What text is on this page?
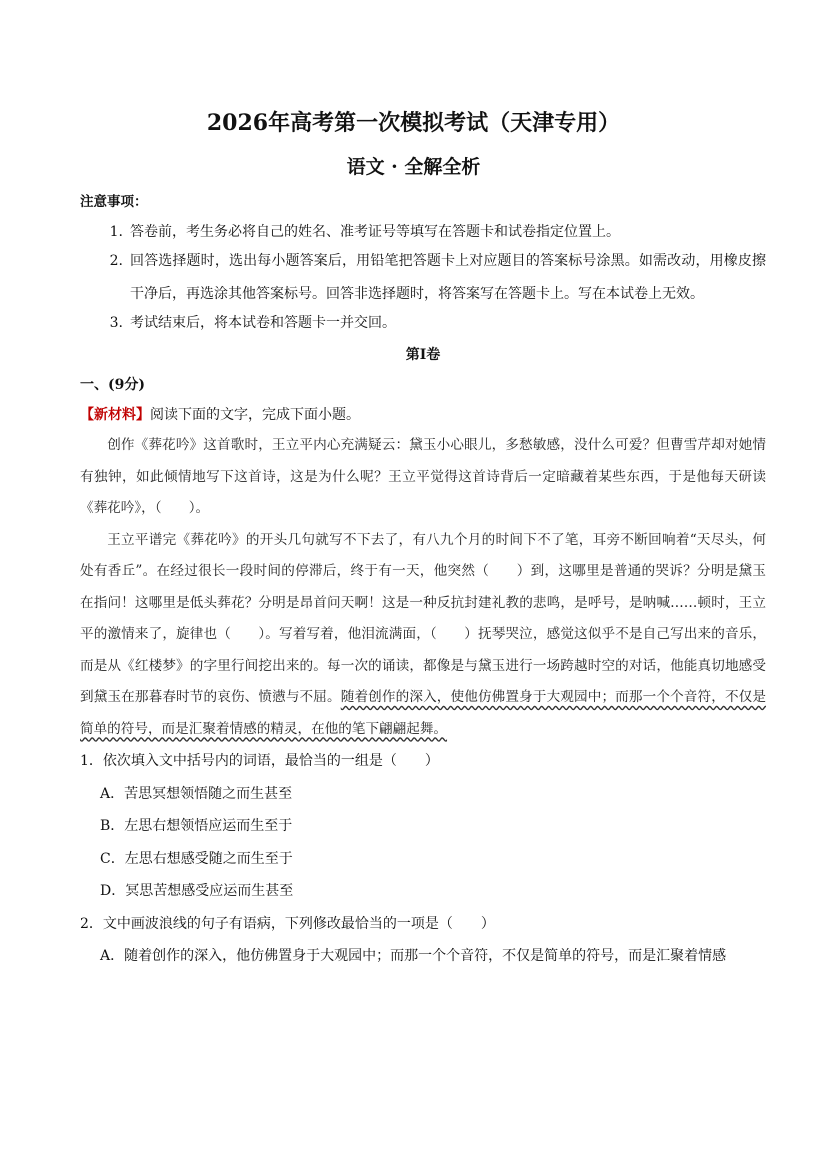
2026年高考第一次模拟考试（天津专用）
语文 · 全解全析
注意事项：
1. 答卷前，考生务必将自己的姓名、准考证号等填写在答题卡和试卷指定位置上。
2. 回答选择题时，选出每小题答案后，用铅笔把答题卡上对应题目的答案标号涂黑。如需改动，用橡皮擦干净后，再选涂其他答案标号。回答非选择题时，将答案写在答题卡上。写在本试卷上无效。
3. 考试结束后，将本试卷和答题卡一并交回。
第Ⅰ卷
一、(9分)
【新材料】阅读下面的文字，完成下面小题。
创作《葬花吟》这首歌时，王立平内心充满疑云：黛玉小心眼儿，多愁敏感，没什么可爱？但曹雪芹却对她情有独钟，如此倾情地写下这首诗，这是为什么呢？王立平觉得这首诗背后一定暗藏着某些东西，于是他每天研读《葬花吟》，（　　）。
王立平谱完《葬花吟》的开头几句就写不下去了，有八九个月的时间下不了笔，耳旁不断回响着“天尽头，何处有香丘”。在经过很长一段时间的停滞后，终于有一天，他突然（　　）到，这哪里是普通的哭诉？分明是黛玉在指问！这哪里是低头葬花？分明是昂首问天啊！这是一种反抗封建礼教的悲鸣，是呼号，是呐喊……顿时，王立平的激情来了，旋律也（　　）。写着写着，他泪流满面，（　　）抚琴哭泣，感觉这似乎不是自己写出来的音乐，而是从《红楼梦》的字里行间挖出来的。每一次的诵读，都像是与黛玉进行一场跨越时空的对话，他能真切地感受到黛玉在那暮春时节的哀伤、愤懑与不屈。随着创作的深入，使他仿佛置身于大观园中；而那一个个音符，不仅是简单的符号，而是汇聚着情感的精灵，在他的笔下翩翩起舞。
1．依次填入文中括号内的词语，最恰当的一组是（　　）
A．苦思冥想领悟随之而生甚至
B．左思右想领悟应运而生至于
C．左思右想感受随之而生至于
D．冥思苦想感受应运而生甚至
2．文中画波浪线的句子有语病，下列修改最恰当的一项是（　　）
A．随着创作的深入，他仿佛置身于大观园中；而那一个个音符，不仅是简单的符号，而是汇聚着情感
